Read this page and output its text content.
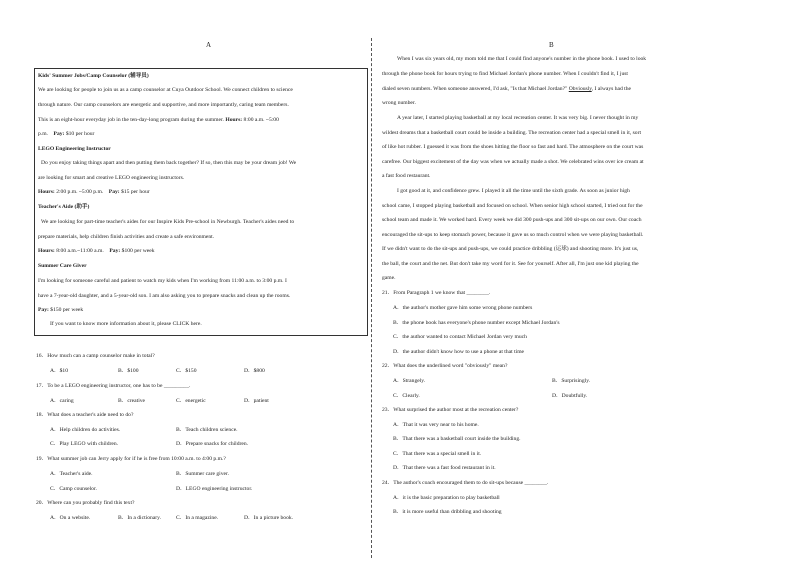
A	B
Kids' Summer Jobs/Camp Counselor (辅导员)
We are looking for people to join us as a camp counselor at Cuya Outdoor School. We connect children to science
through nature. Our camp counselors are energetic and supportive, and more importantly, caring team members.
This is an eight-hour everyday job in the ten-day-long program during the summer. Hours: 8:00 a.m. ~5:00
p.m. Pay: $10 per hour
LEGO Engineering Instructor
Do you enjoy taking things apart and then putting them back together? If so, then this may be your dream job! We
are looking for smart and creative LEGO engineering instructors.
Hours: 2:00 p.m. ~5:00 p.m. Pay: $15 per hour
Teacher's Aide (助手)
We are looking for part-time teacher's aides for our Inspire Kids Pre-school in Newburgh. Teacher's aides need to
prepare materials, help children finish activities and create a safe environment.
Hours: 8:00 a.m.~11:00 a.m. Pay: $100 per week
Summer Care Giver
I'm looking for someone careful and patient to watch my kids when I'm working from 11:00 a.m. to 3:00 p.m. I
have a 7-year-old daughter, and a 5-year-old son. I am also asking you to prepare snacks and clean up the rooms.
Pay: $150 per week
If you want to know more information about it, please CLICK here.
16．How much can a camp counselor make in total?
A．$10	B．$100	C．$150	D．$800
17．To be a LEGO engineering instructor, one has to be _________.
A．caring	B．creative	C．energetic	D．patient
18．What does a teacher's aide need to do?
A．Help children do activities.	B．Teach children science.
C．Play LEGO with children.	D．Prepare snacks for children.
19．What summer job can Jerry apply for if he is free from 10:00 a.m. to 4:00 p.m.?
A．Teacher's aide.	B．Summer care giver.
C．Camp counselor.	D．LEGO engineering instructor.
20．Where can you probably find this text?
A．On a website.	B．In a dictionary.	C．In a magazine.	D．In a picture book.
When I was six years old, my mom told me that I could find anyone's number in the phone book. I used to look
through the phone book for hours trying to find Michael Jordan's phone number. When I couldn't find it, I just
dialed seven numbers. When someone answered, I'd ask, "Is that Michael Jordan?" Obviously, I always had the
wrong number.
A year later, I started playing basketball at my local recreation center. It was very big. I never thought in my
wildest dreams that a basketball court could be inside a building. The recreation center had a special smell in it, sort
of like hot rubber. I guessed it was from the shoes hitting the floor so fast and hard. The atmosphere on the court was
carefree. Our biggest excitement of the day was when we actually made a shot. We celebrated wins over ice cream at
a fast food restaurant.
I got good at it, and confidence grew. I played it all the time until the sixth grade. As soon as junior high
school came, I stopped playing basketball and focused on school. When senior high school started, I tried out for the
school team and made it. We worked hard. Every week we did 300 push-ups and 300 sit-ups on our own. Our coach
encouraged the sit-ups to keep stomach power, because it gave us so much control when we were playing basketball.
If we didn't want to do the sit-ups and push-ups, we could practice dribbling (运球) and shooting more. It's just us,
the ball, the court and the net. But don't take my word for it. See for yourself. After all, I'm just one kid playing the
game.
21．From Paragraph 1 we know that ________.
A．the author's mother gave him some wrong phone numbers
B．the phone book has everyone's phone number except Michael Jordan's
C．the author wanted to contact Michael Jordan very much
D．the author didn't know how to use a phone at that time
22．What does the underlined word "obviously" mean?
A．Strangely.	B．Surprisingly.
C．Clearly.	D．Doubtfully.
23．What surprised the author most at the recreation center?
A．That it was very near to his home.
B．That there was a basketball court inside the building.
C．That there was a special smell in it.
D．That there was a fast food restaurant in it.
24．The author's coach encouraged them to do sit-ups because ________.
A．it is the basic preparation to play basketball
B．it is more useful than dribbling and shooting
